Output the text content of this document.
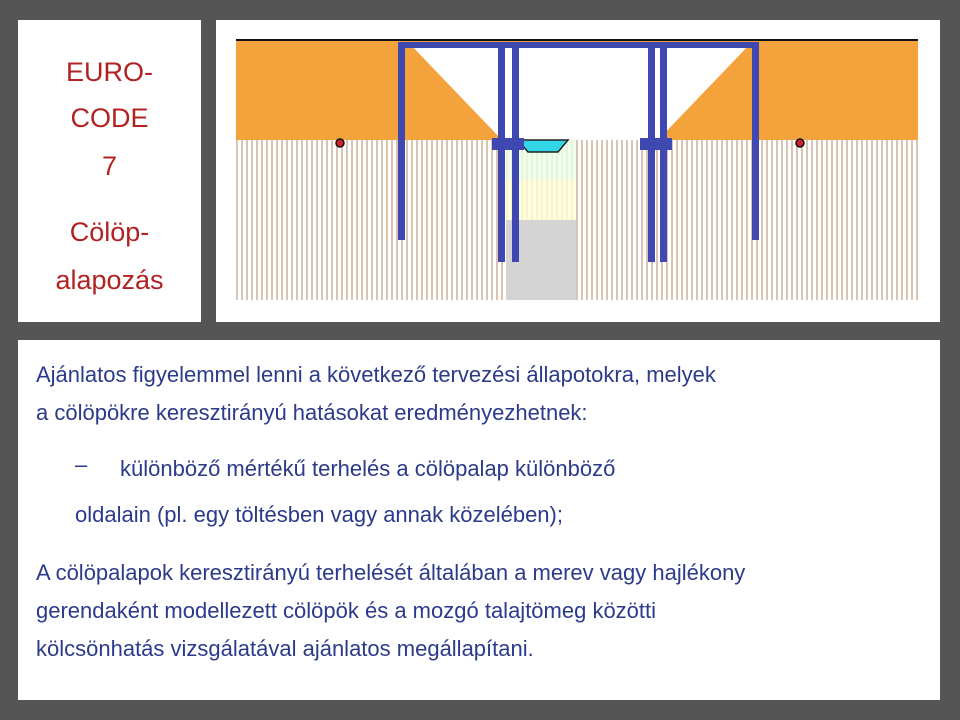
EURO-
CODE
7
Cölöp-
alapozás
Ajánlatos figyelemmel lenni a következő tervezési állapotokra, melyek
a cölöpökre keresztirányú hatásokat eredményezhetnek:
– különböző mértékű terhelés a cölöpalap különböző
oldalain (pl. egy töltésben vagy annak közelében);
A cölöpalapok keresztirányú terhelését általában a merev vagy hajlékony
gerendaként modellezett cölöpök és a mozgó talajtömeg közötti
kölcsönhatás vizsgálatával ajánlatos megállapítani.
